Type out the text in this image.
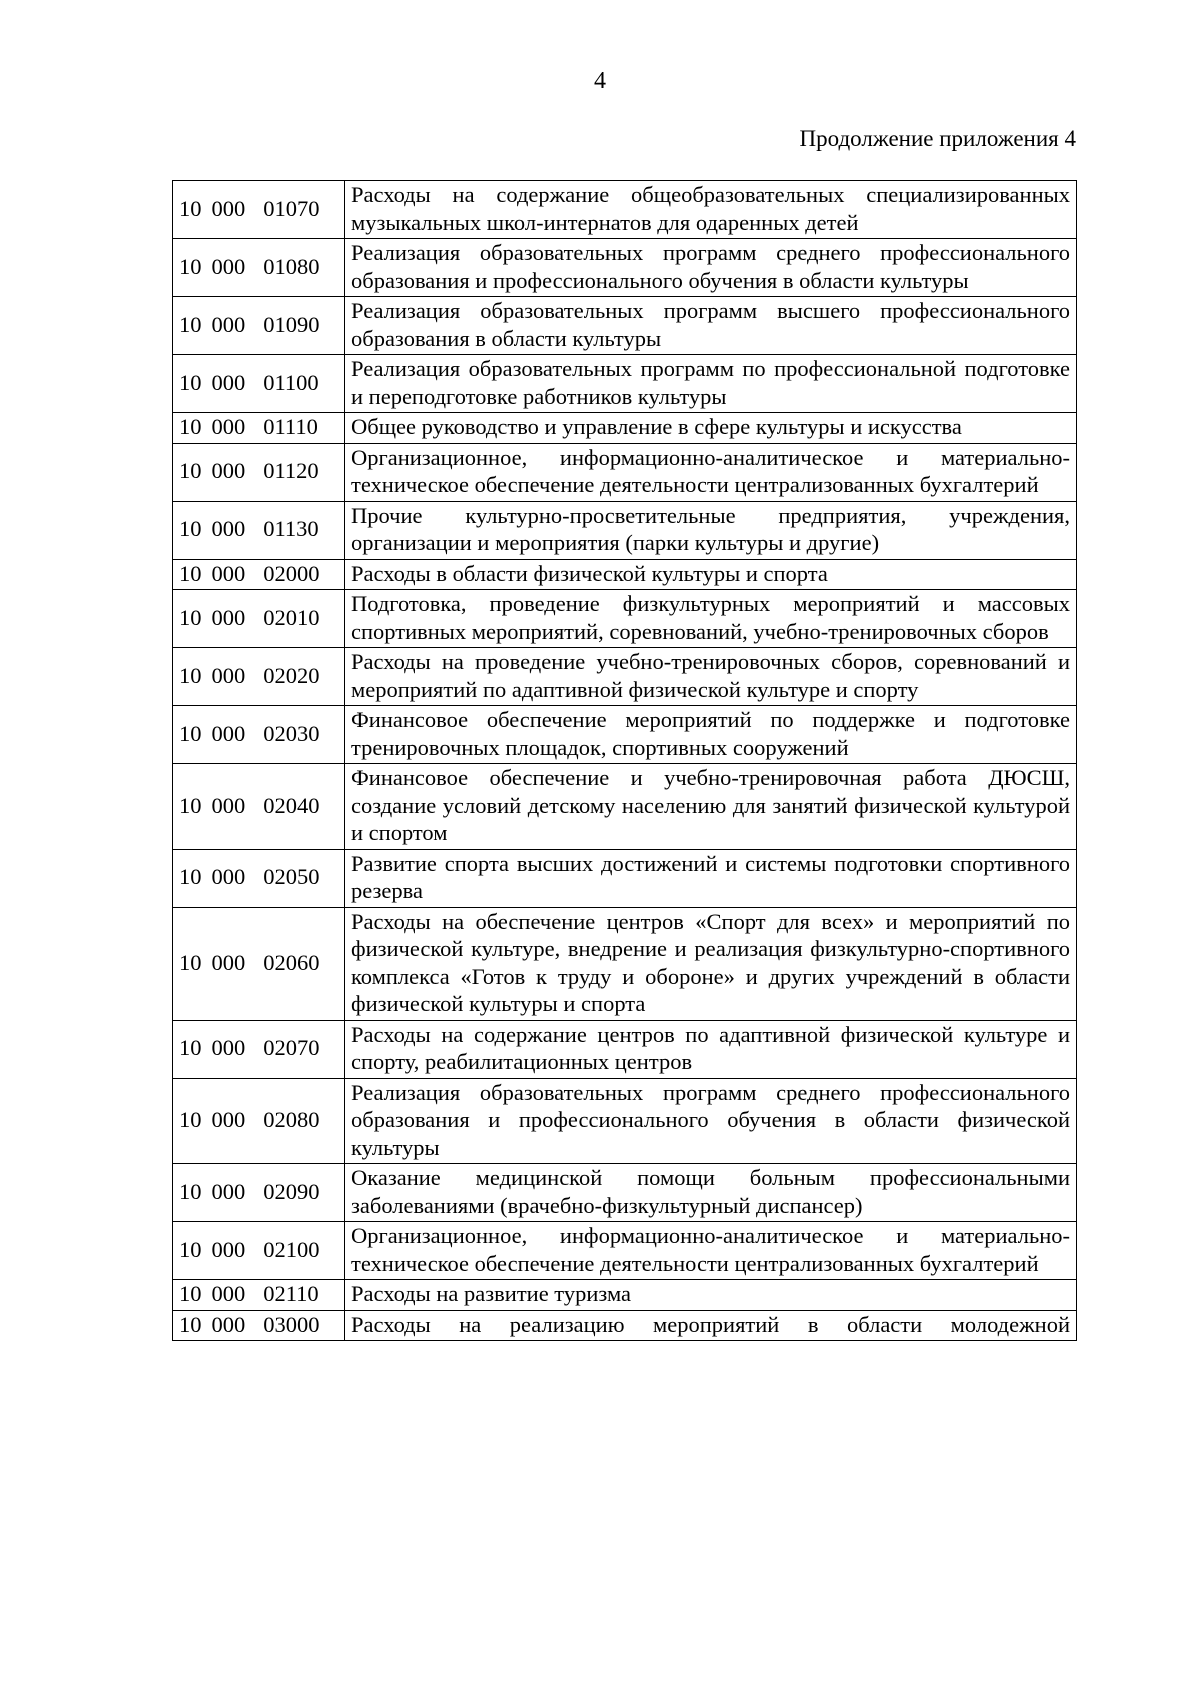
4
Продолжение приложения 4
10 000 01070	Расходы на содержание общеобразовательных специализированных музыкальных школ-интернатов для одаренных детей
10 000 01080	Реализация образовательных программ среднего профессионального образования и профессионального обучения в области культуры
10 000 01090	Реализация образовательных программ высшего профессионального образования в области культуры
10 000 01100	Реализация образовательных программ по профессиональной подготовке и переподготовке работников культуры
10 000 01110	Общее руководство и управление в сфере культуры и искусства
10 000 01120	Организационное, информационно-аналитическое и материально-техническое обеспечение деятельности централизованных бухгалтерий
10 000 01130	Прочие культурно-просветительные предприятия, учреждения, организации и мероприятия (парки культуры и другие)
10 000 02000	Расходы в области физической культуры и спорта
10 000 02010	Подготовка, проведение физкультурных мероприятий и массовых спортивных мероприятий, соревнований, учебно-тренировочных сборов
10 000 02020	Расходы на проведение учебно-тренировочных сборов, соревнований и мероприятий по адаптивной физической культуре и спорту
10 000 02030	Финансовое обеспечение мероприятий по поддержке и подготовке тренировочных площадок, спортивных сооружений
10 000 02040	Финансовое обеспечение и учебно-тренировочная работа ДЮСШ, создание условий детскому населению для занятий физической культурой и спортом
10 000 02050	Развитие спорта высших достижений и системы подготовки спортивного резерва
10 000 02060	Расходы на обеспечение центров «Спорт для всех» и мероприятий по физической культуре, внедрение и реализация физкультурно-спортивного комплекса «Готов к труду и обороне» и других учреждений в области физической культуры и спорта
10 000 02070	Расходы на содержание центров по адаптивной физической культуре и спорту, реабилитационных центров
10 000 02080	Реализация образовательных программ среднего профессионального образования и профессионального обучения в области физической культуры
10 000 02090	Оказание медицинской помощи больным профессиональными заболеваниями (врачебно-физкультурный диспансер)
10 000 02100	Организационное, информационно-аналитическое и материально-техническое обеспечение деятельности централизованных бухгалтерий
10 000 02110	Расходы на развитие туризма
10 000 03000	Расходы на реализацию мероприятий в области молодежной
